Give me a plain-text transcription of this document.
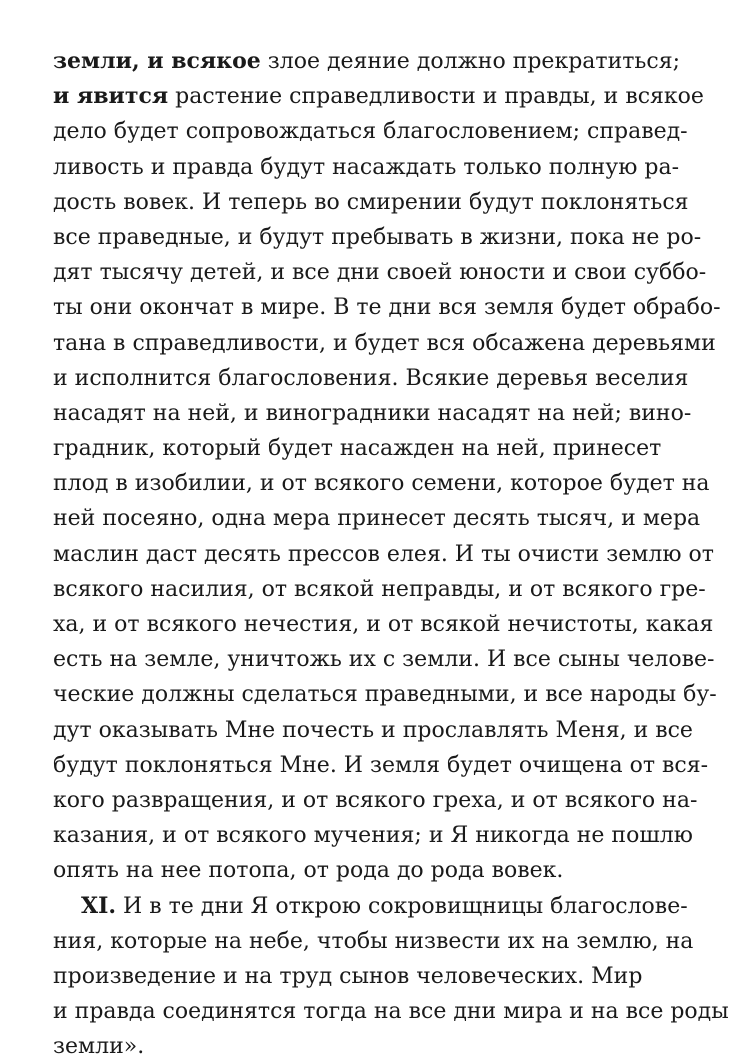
земли, и всякое злое деяние должно прекратиться;
и явится растение справедливости и правды, и всякое
дело будет сопровождаться благословением; справед-
ливость и правда будут насаждать только полную ра-
дость вовек. И теперь во смирении будут поклоняться
все праведные, и будут пребывать в жизни, пока не ро-
дят тысячу детей, и все дни своей юности и свои суббо-
ты они окончат в мире. В те дни вся земля будет обрабо-
тана в справедливости, и будет вся обсажена деревьями
и исполнится благословения. Всякие деревья веселия
насадят на ней, и виноградники насадят на ней; вино-
градник, который будет насажден на ней, принесет
плод в изобилии, и от всякого семени, которое будет на
ней посеяно, одна мера принесет десять тысяч, и мера
маслин даст десять прессов елея. И ты очисти землю от
всякого насилия, от всякой неправды, и от всякого гре-
ха, и от всякого нечестия, и от всякой нечистоты, какая
есть на земле, уничтожь их с земли. И все сыны челове-
ческие должны сделаться праведными, и все народы бу-
дут оказывать Мне почесть и прославлять Меня, и все
будут поклоняться Мне. И земля будет очищена от вся-
кого развращения, и от всякого греха, и от всякого на-
казания, и от всякого мучения; и Я никогда не пошлю
опять на нее потопа, от рода до рода вовек.
XI. И в те дни Я открою сокровищницы благослове-
ния, которые на небе, чтобы низвести их на землю, на
произведение и на труд сынов человеческих. Мир
и правда соединятся тогда на все дни мира и на все роды
земли».
